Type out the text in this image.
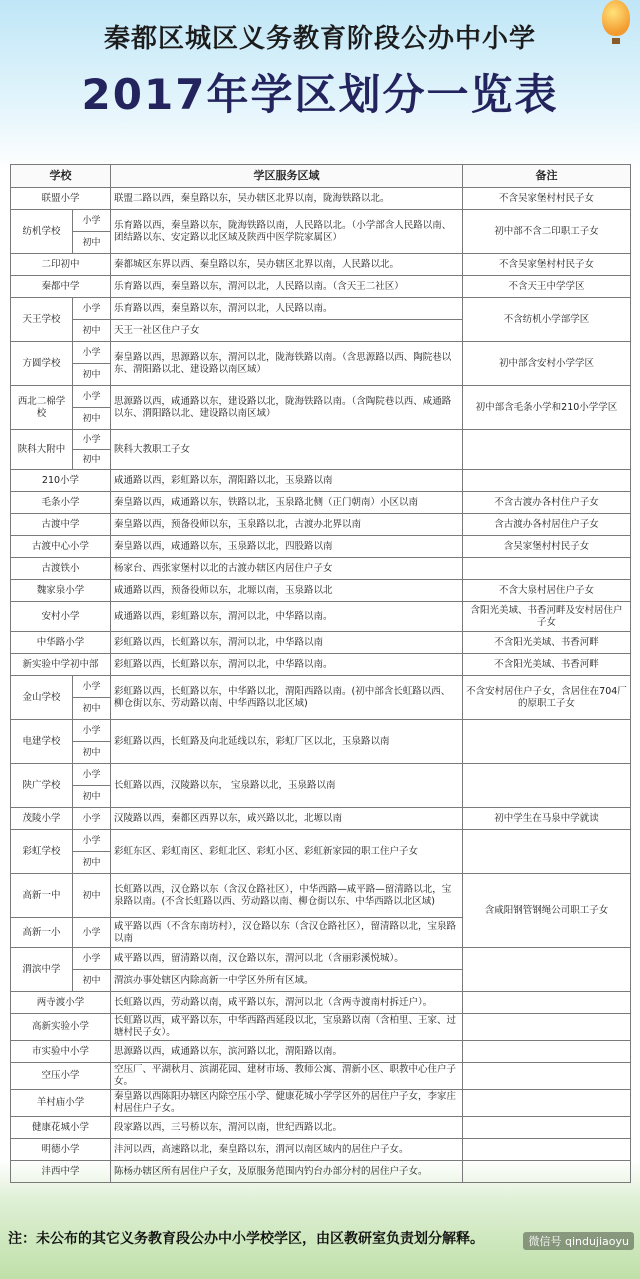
秦都区城区义务教育阶段公办中小学
2017年学区划分一览表
学校		学区服务区域	备注
联盟小学		联盟二路以西，秦皇路以东，吴办辖区北界以南，陇海铁路以北。	不含吴家堡村村民子女
纺机学校	小学	乐育路以西，秦皇路以东，陇海铁路以南，人民路以北。（小学部含人民路以南、团结路以东、安定路以北区域及陕西中医学院家属区）	初中部不含二印职工子女
	初中		
二印初中		秦都城区东界以西、秦皇路以东，吴办辖区北界以南，人民路以北。	不含吴家堡村村民子女
秦都中学		乐育路以西，秦皇路以东，渭河以北，人民路以南。（含天王二社区）	不含天王中学学区
天王学校	小学	乐育路以西，秦皇路以东，渭河以北，人民路以南。	不含纺机小学部学区
	初中	天王一社区住户子女	
方圆学校	小学	秦皇路以西，思源路以东，渭河以北，陇海铁路以南。（含思源路以西、陶院巷以东、渭阳路以北、建设路以南区域）	初中部含安村小学学区
	初中		
西北二棉学校	小学	思源路以西，咸通路以东，建设路以北，陇海铁路以南。（含陶院巷以西、咸通路以东、渭阳路以北、建设路以南区域）	初中部含毛条小学和210小学学区
	初中		
陕科大附中	小学	陕科大教职工子女	
	初中		
210小学		咸通路以西，彩虹路以东，渭阳路以北，玉泉路以南	
毛条小学		秦皇路以西，咸通路以东，铁路以北，玉泉路北侧（正门朝南）小区以南	不含古渡办各村住户子女
古渡中学		秦皇路以西，预备役师以东，玉泉路以北，古渡办北界以南	含古渡办各村居住户子女
古渡中心小学		秦皇路以西，咸通路以东，玉泉路以北，四股路以南	含吴家堡村村民子女
古渡铁小		杨家台、西张家堡村以北的古渡办辖区内居住户子女	
魏家泉小学		咸通路以西，预备役师以东，北塬以南，玉泉路以北	不含大泉村居住户子女
安村小学		咸通路以西，彩虹路以东，渭河以北，中华路以南。	含阳光美域、书香河畔及安村居住户子女
中华路小学		彩虹路以西，长虹路以东，渭河以北，中华路以南	不含阳光美域、书香河畔
新实验中学初中部		彩虹路以西，长虹路以东，渭河以北，中华路以南。	不含阳光美域、书香河畔
金山学校	小学	彩虹路以西，长虹路以东，中华路以北，渭阳西路以南。(初中部含长虹路以西、柳仓街以东、劳动路以南、中华西路以北区域)	不含安村居住户子女，含居住在704厂的原职工子女
	初中		
电建学校	小学	彩虹路以西，长虹路及向北延线以东，彩虹厂区以北，玉泉路以南	
	初中		
陕广学校	小学	长虹路以西，汉陵路以东， 宝泉路以北，玉泉路以南	
	初中		
茂陵小学	小学	汉陵路以西，秦都区西界以东，咸兴路以北，北塬以南	初中学生在马泉中学就读
彩虹学校	小学	彩虹东区、彩虹南区、彩虹北区、彩虹小区、彩虹新家园的职工住户子女	
	初中		
高新一中	初中	长虹路以西，汉仓路以东（含汉仓路社区），中华西路—咸平路—留清路以北，宝泉路以南。(不含长虹路以西、劳动路以南、柳仓街以东、中华西路以北区域)	含咸阳钢管钢绳公司职工子女
高新一小	小学	咸平路以西（不含东南坊村），汉仓路以东（含汉仓路社区），留清路以北，宝泉路以南	
渭滨中学	小学	咸平路以西，留清路以南，汉仓路以东，渭河以北（含丽彩溪悦城）。	
	初中	渭滨办事处辖区内除高新一中学区外所有区域。	
两寺渡小学		长虹路以西，劳动路以南，咸平路以东，渭河以北（含两寺渡南村拆迁户）。	
高新实验小学		长虹路以西，咸平路以东，中华西路西延段以北，宝泉路以南（含柏里、王家、过塘村民子女）。	
市实验中小学		思源路以西，咸通路以东，滨河路以北，渭阳路以南。	
空压小学		空压厂、平湖秋月、滨湖花园、建材市场、教师公寓、渭新小区、职教中心住户子女。	
羊村庙小学		秦皇路以西陈阳办辖区内除空压小学、健康花城小学学区外的居住户子女，李家庄村居住户子女。	
健康花城小学		段家路以西，三号桥以东，渭河以南，世纪西路以北。	
明德小学		沣河以西，高速路以北，秦皇路以东，渭河以南区域内的居住户子女。	
沣西中学		陈杨办辖区所有居住户子女，及原服务范围内钓台办部分村的居住户子女。	
注：未公布的其它义务教育段公办中小学校学区，由区教研室负责划分解释。	微信号 qindujiaoyu
